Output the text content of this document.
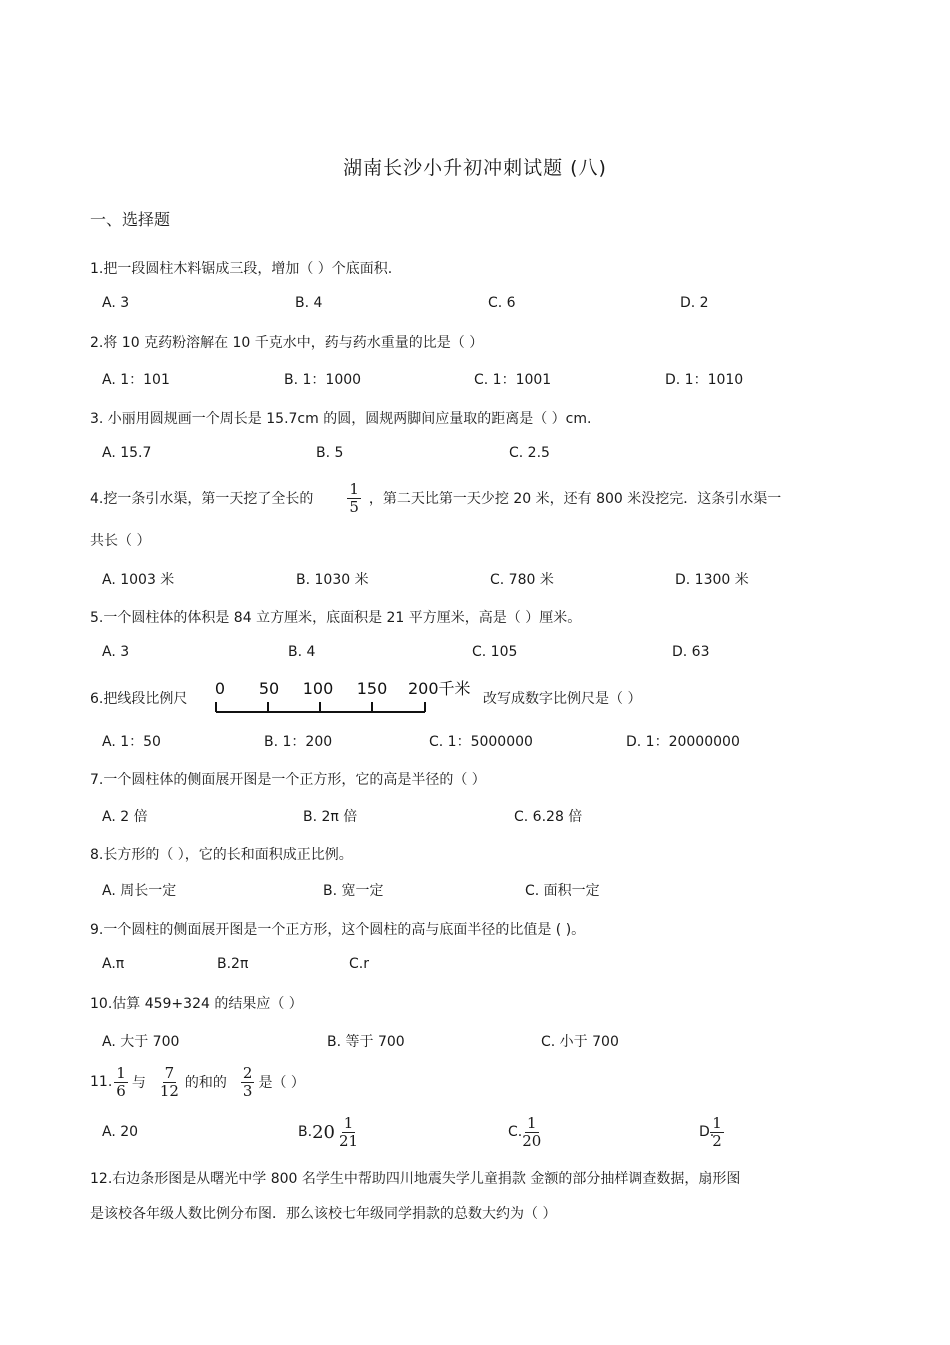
湖南长沙小升初冲刺试题 (八)
一、选择题
1.把一段圆柱木料锯成三段，增加（ ）个底面积.
A. 3	B. 4	C. 6	D. 2
2.将 10 克药粉溶解在 10 千克水中，药与药水重量的比是（ ）
A. 1：101	B. 1：1000	C. 1：1001	D. 1：1010
3. 小丽用圆规画一个周长是 15.7cm 的圆，圆规两脚间应量取的距离是（ ）cm.
A. 15.7	B. 5	C. 2.5
4.挖一条引水渠，第一天挖了全长的 $\frac{1}{5}$ ，第二天比第一天少挖 20 米，还有 800 米没挖完．这条引水渠一
共长（ ）
A. 1003 米	B. 1030 米	C. 780 米	D. 1300 米
5.一个圆柱体的体积是 84 立方厘米，底面积是 21 平方厘米，高是（ ）厘米。
A. 3	B. 4	C. 105	D. 63
6.把线段比例尺
0 50 100 150 200千米
改写成数字比例尺是（ ）
A. 1：50	B. 1：200	C. 1：5000000	D. 1：20000000
7.一个圆柱体的侧面展开图是一个正方形，它的高是半径的（ ）
A. 2 倍	B. 2π 倍	C. 6.28 倍
8.长方形的（ ），它的长和面积成正比例。
A. 周长一定	B. 宽一定	C. 面积一定
9.一个圆柱的侧面展开图是一个正方形，这个圆柱的高与底面半径的比值是 ( )。
A.π	B.2π	C.r
10.估算 459+324 的结果应（ ）
A. 大于 700	B. 等于 700	C. 小于 700
11. $\frac{1}{6}$ 与 $\frac{7}{12}$ 的和的 $\frac{2}{3}$ 是（ ）
A. 20	B. $20 \frac{1}{21}$	C.
$\frac{1}{20}$	D.
$\frac{1}{2}$
12.右边条形图是从曙光中学 800 名学生中帮助四川地震失学儿童捐款 金额的部分抽样调查数据，扇形图
是该校各年级人数比例分布图．那么该校七年级同学捐款的总数大约为（ ）
